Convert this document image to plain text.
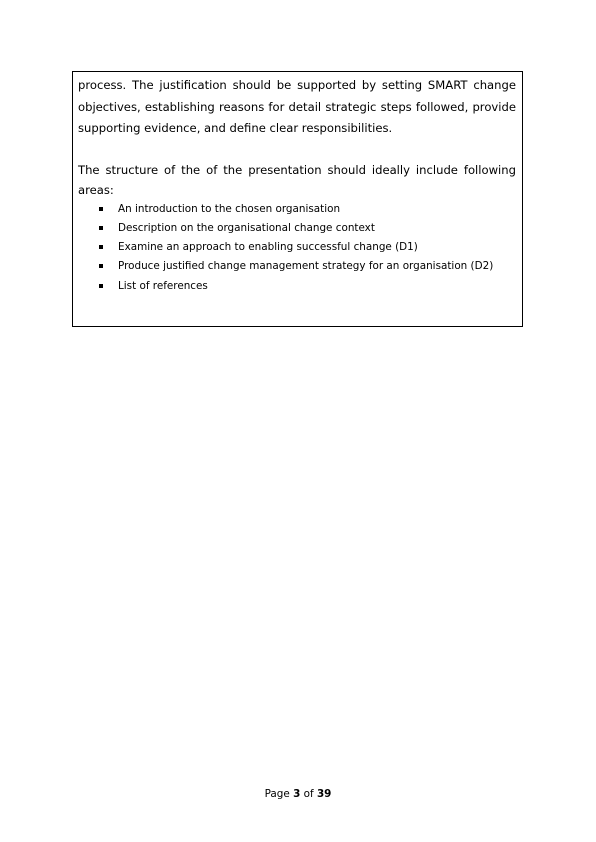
process. The justification should be supported by setting SMART change objectives, establishing reasons for detail strategic steps followed, provide supporting evidence, and define clear responsibilities.

The structure of the of the presentation should ideally include following areas:

An introduction to the chosen organisation
Description on the organisational change context
Examine an approach to enabling successful change (D1)
Produce justified change management strategy for an organisation (D2)
List of references
Page 3 of 39
